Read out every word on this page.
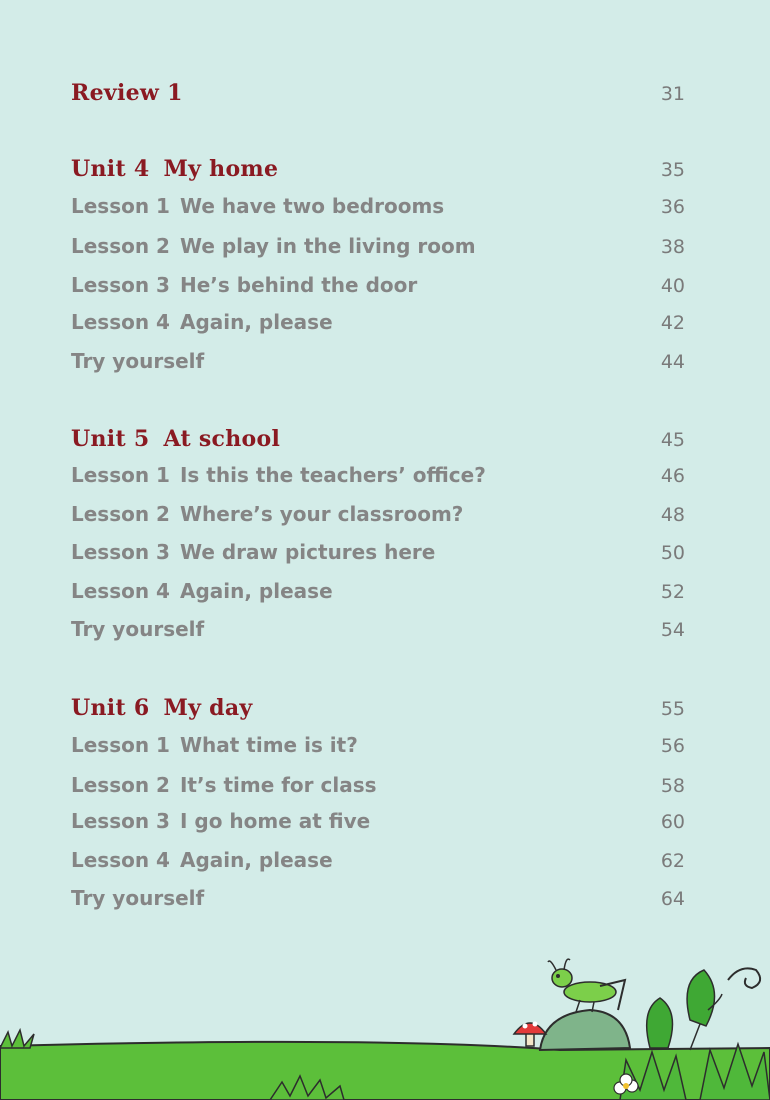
Review 1	31
Unit 4 My home	35
Lesson 1 We have two bedrooms	36
Lesson 2 We play in the living room	38
Lesson 3 He’s behind the door	40
Lesson 4 Again, please	42
Try yourself	44
Unit 5 At school	45
Lesson 1 Is this the teachers’ office?	46
Lesson 2 Where’s your classroom?	48
Lesson 3 We draw pictures here	50
Lesson 4 Again, please	52
Try yourself	54
Unit 6 My day	55
Lesson 1 What time is it?	56
Lesson 2 It’s time for class	58
Lesson 3 I go home at five	60
Lesson 4 Again, please	62
Try yourself	64
